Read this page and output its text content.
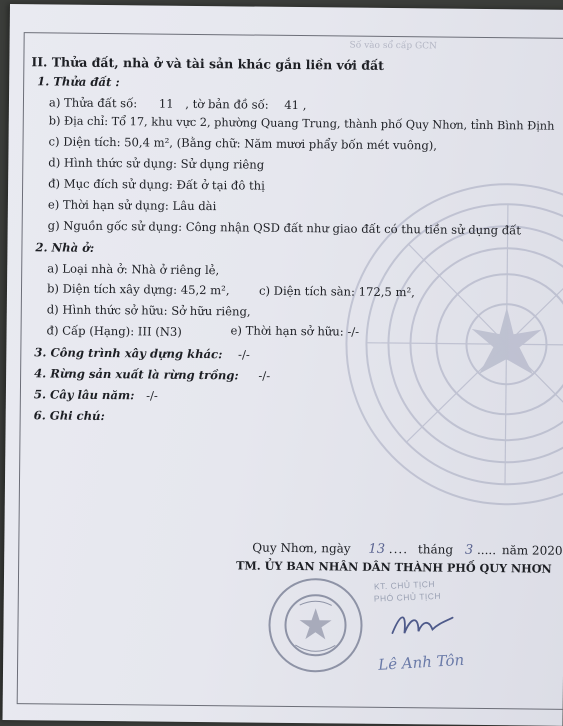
Số vào sổ cấp GCN
II. Thửa đất, nhà ở và tài sản khác gắn liền với đất
1. Thửa đất :
a) Thửa đất số: 11 , tờ bản đồ số: 41 ,
b) Địa chỉ: Tổ 17, khu vực 2, phường Quang Trung, thành phố Quy Nhơn, tỉnh Bình Định
c) Diện tích: 50,4 m², (Bằng chữ: Năm mươi phẩy bốn mét vuông),
d) Hình thức sử dụng: Sử dụng riêng
đ) Mục đích sử dụng: Đất ở tại đô thị
e) Thời hạn sử dụng: Lâu dài
g) Nguồn gốc sử dụng: Công nhận QSD đất như giao đất có thu tiền sử dụng đất
2. Nhà ở:
a) Loại nhà ở: Nhà ở riêng lẻ,
b) Diện tích xây dựng: 45,2 m²,	c) Diện tích sàn: 172,5 m²,
d) Hình thức sở hữu: Sở hữu riêng,
đ) Cấp (Hạng): III (N3)	e) Thời hạn sở hữu: -/-
3. Công trình xây dựng khác: -/-
4. Rừng sản xuất là rừng trồng: -/-
5. Cây lâu năm: -/-
6. Ghi chú:
Quy Nhơn, ngày 13 .... tháng 3 ..... năm 2020
TM. ỦY BAN NHÂN DÂN THÀNH PHỐ QUY NHƠN
KT. CHỦ TỊCH
PHÓ CHỦ TỊCH
Lê Anh Tôn
